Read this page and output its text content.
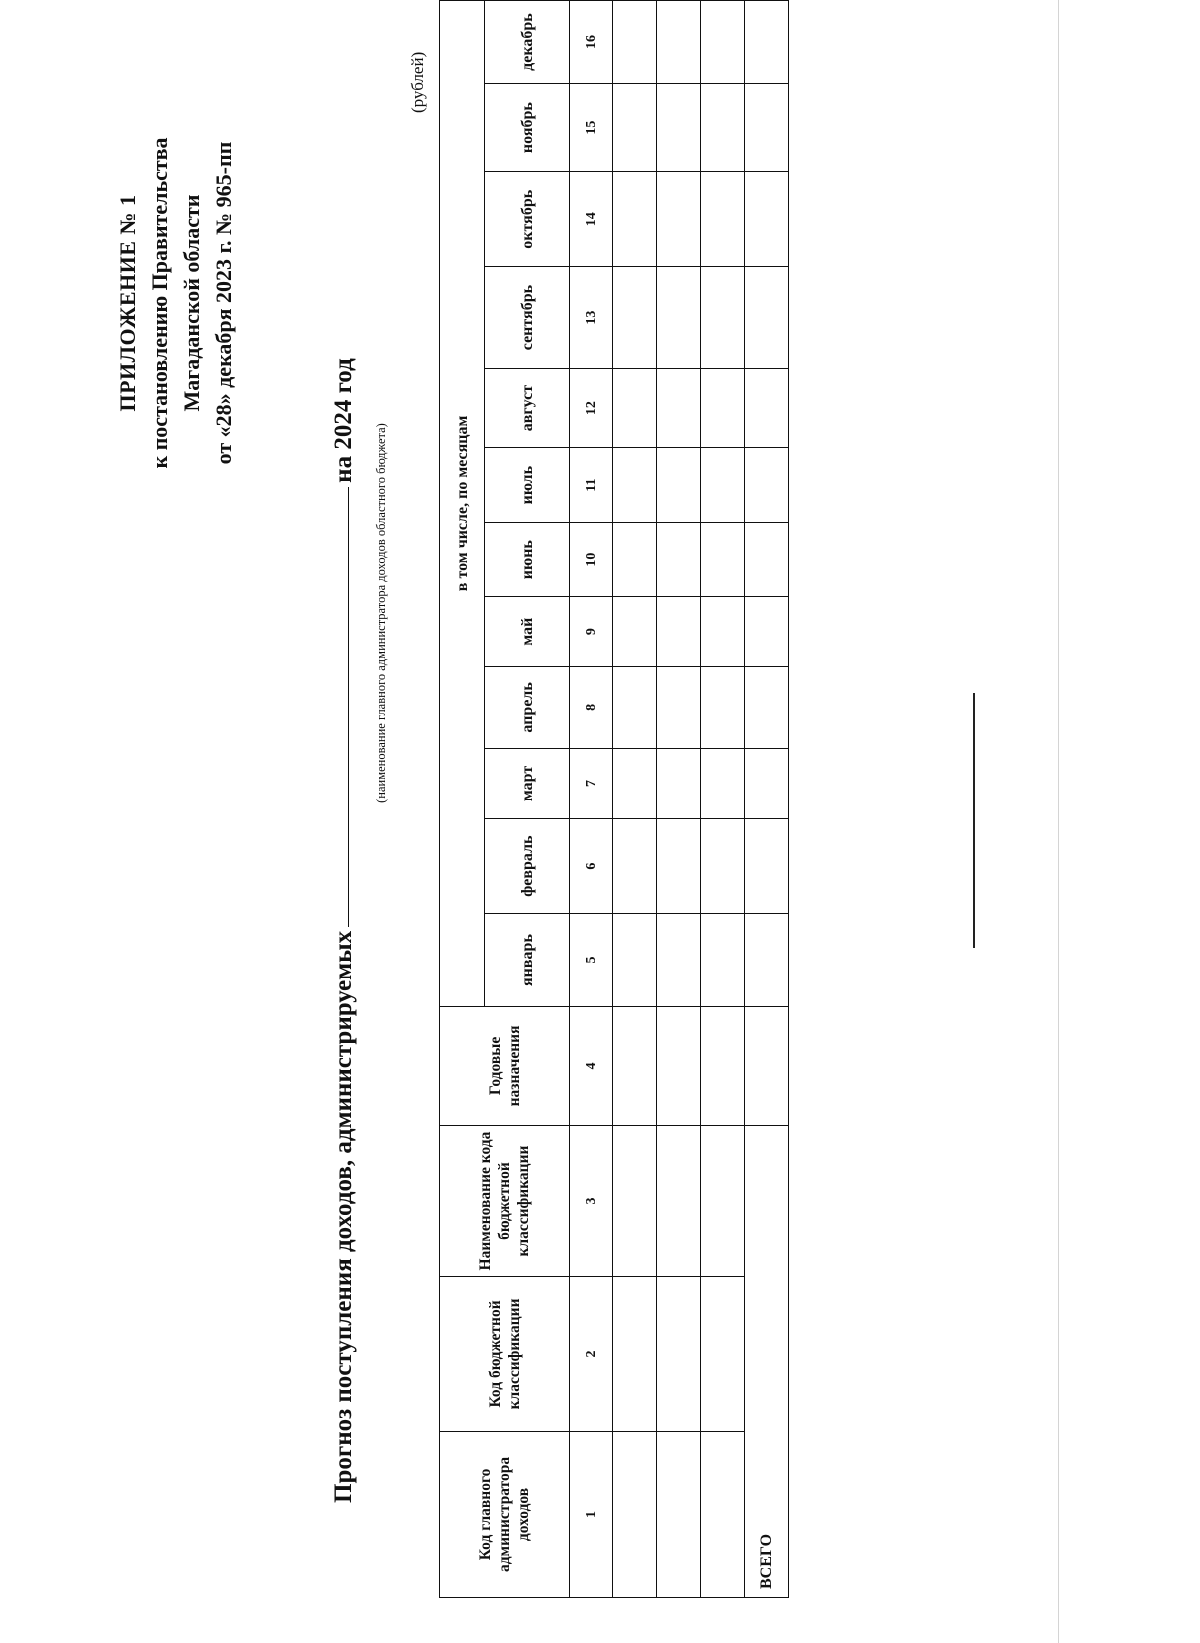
ПРИЛОЖЕНИЕ № 1 к постановлению Правительства Магаданской области от «28» декабря 2023 г. № 965-пп
Прогноз поступления доходов, администрируемых
на 2024 год
(наименование главного администратора доходов областного бюджета)
(рублей)
Код главного администратора доходов	Код бюджетной классификации	Наименование кода бюджетной классификации	Годовые назначения	в том числе, по месяцам											
				январь	февраль	март	апрель	май	июнь	июль	август	сентябрь	октябрь	ноябрь	декабрь
1	2	3	4	5	6	7	8	9	10	11	12	13	14	15	16

ВСЕГО															
